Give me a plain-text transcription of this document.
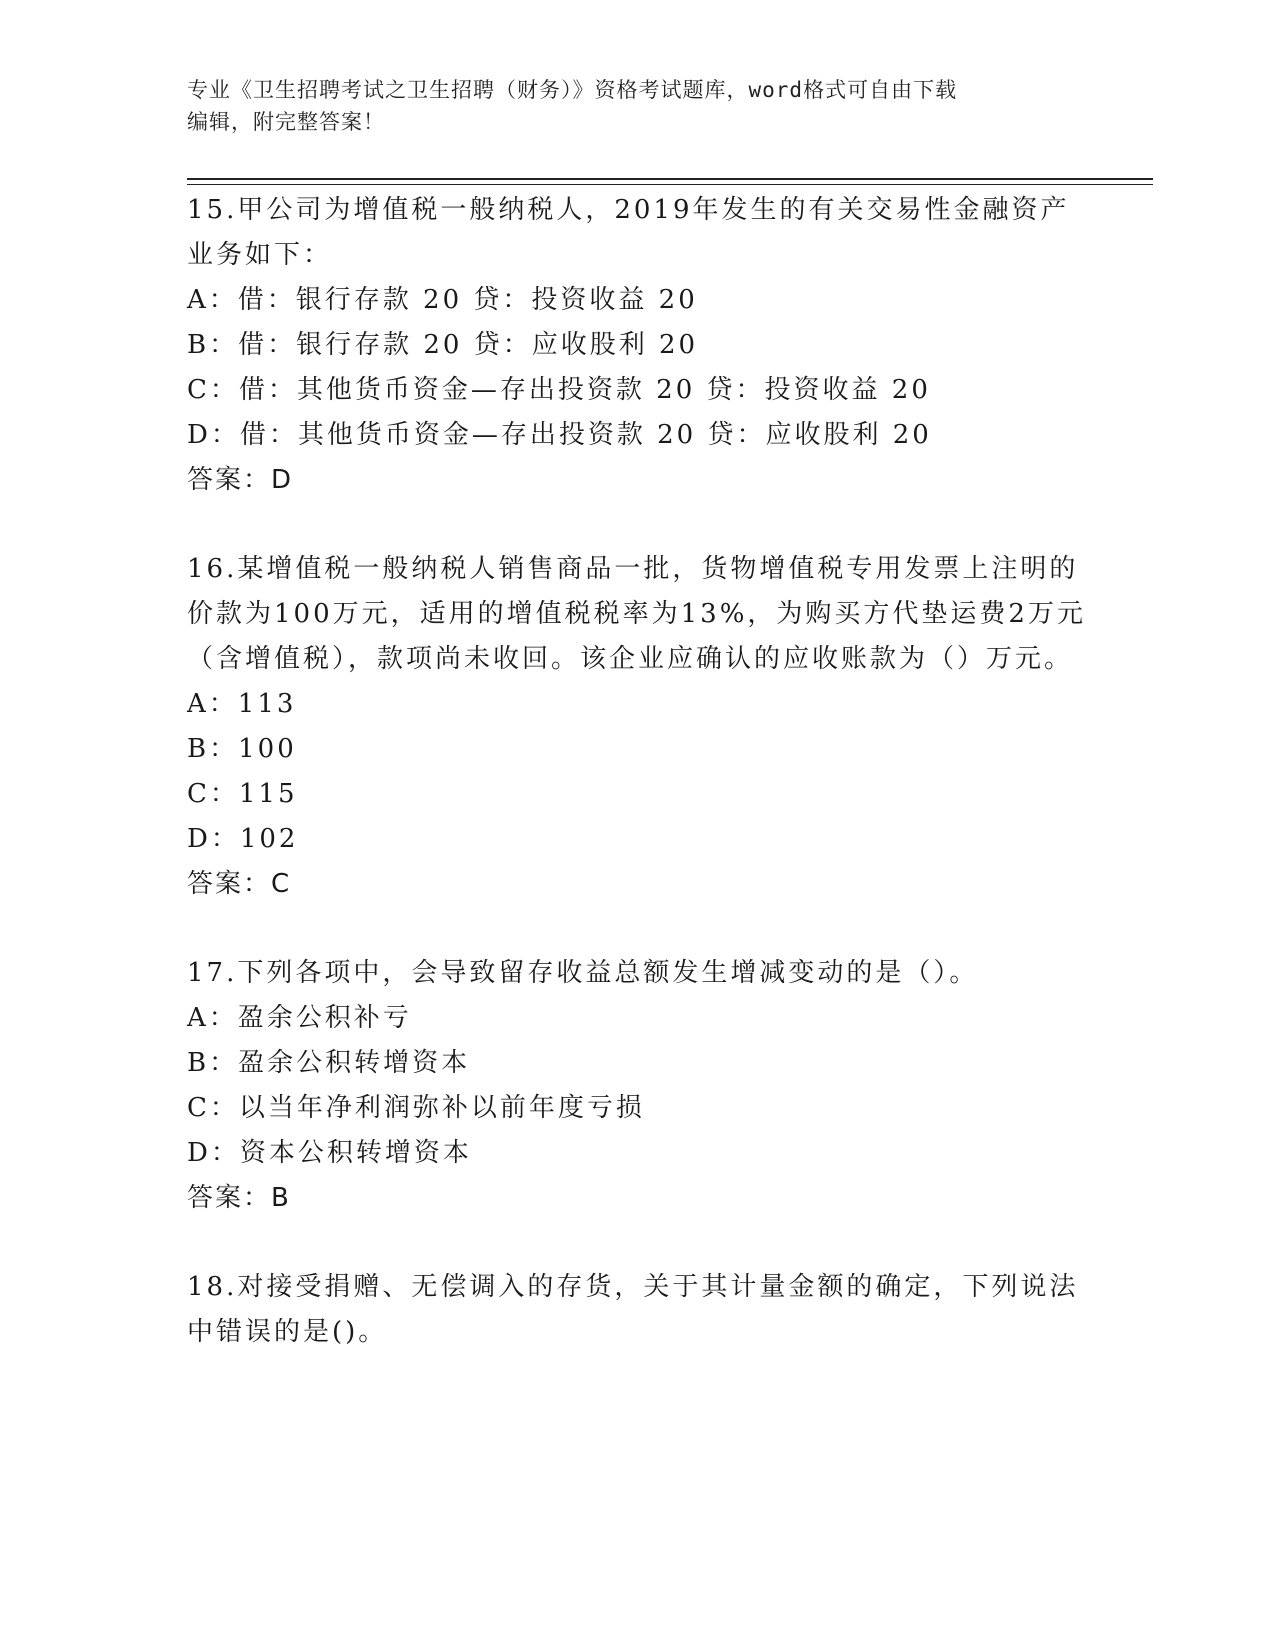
专业《卫生招聘考试之卫生招聘（财务）》资格考试题库，word格式可自由下载
编辑，附完整答案！

15.甲公司为增值税一般纳税人，2019年发生的有关交易性金融资产业务如下：

A：借：银行存款 20 贷：投资收益 20

B：借：银行存款 20 贷：应收股利 20

C：借：其他货币资金—存出投资款 20 贷：投资收益 20

D：借：其他货币资金—存出投资款 20 贷：应收股利 20

答案：D

16.某增值税一般纳税人销售商品一批，货物增值税专用发票上注明的价款为100万元，适用的增值税税率为13%，为购买方代垫运费2万元（含增值税），款项尚未收回。该企业应确认的应收账款为（）万元。

A：113

B：100

C：115

D：102

答案：C

17.下列各项中，会导致留存收益总额发生增减变动的是（）。

A：盈余公积补亏

B：盈余公积转增资本

C：以当年净利润弥补以前年度亏损

D：资本公积转增资本

答案：B

18.对接受捐赠、无偿调入的存货，关于其计量金额的确定，下列说法中错误的是()。
